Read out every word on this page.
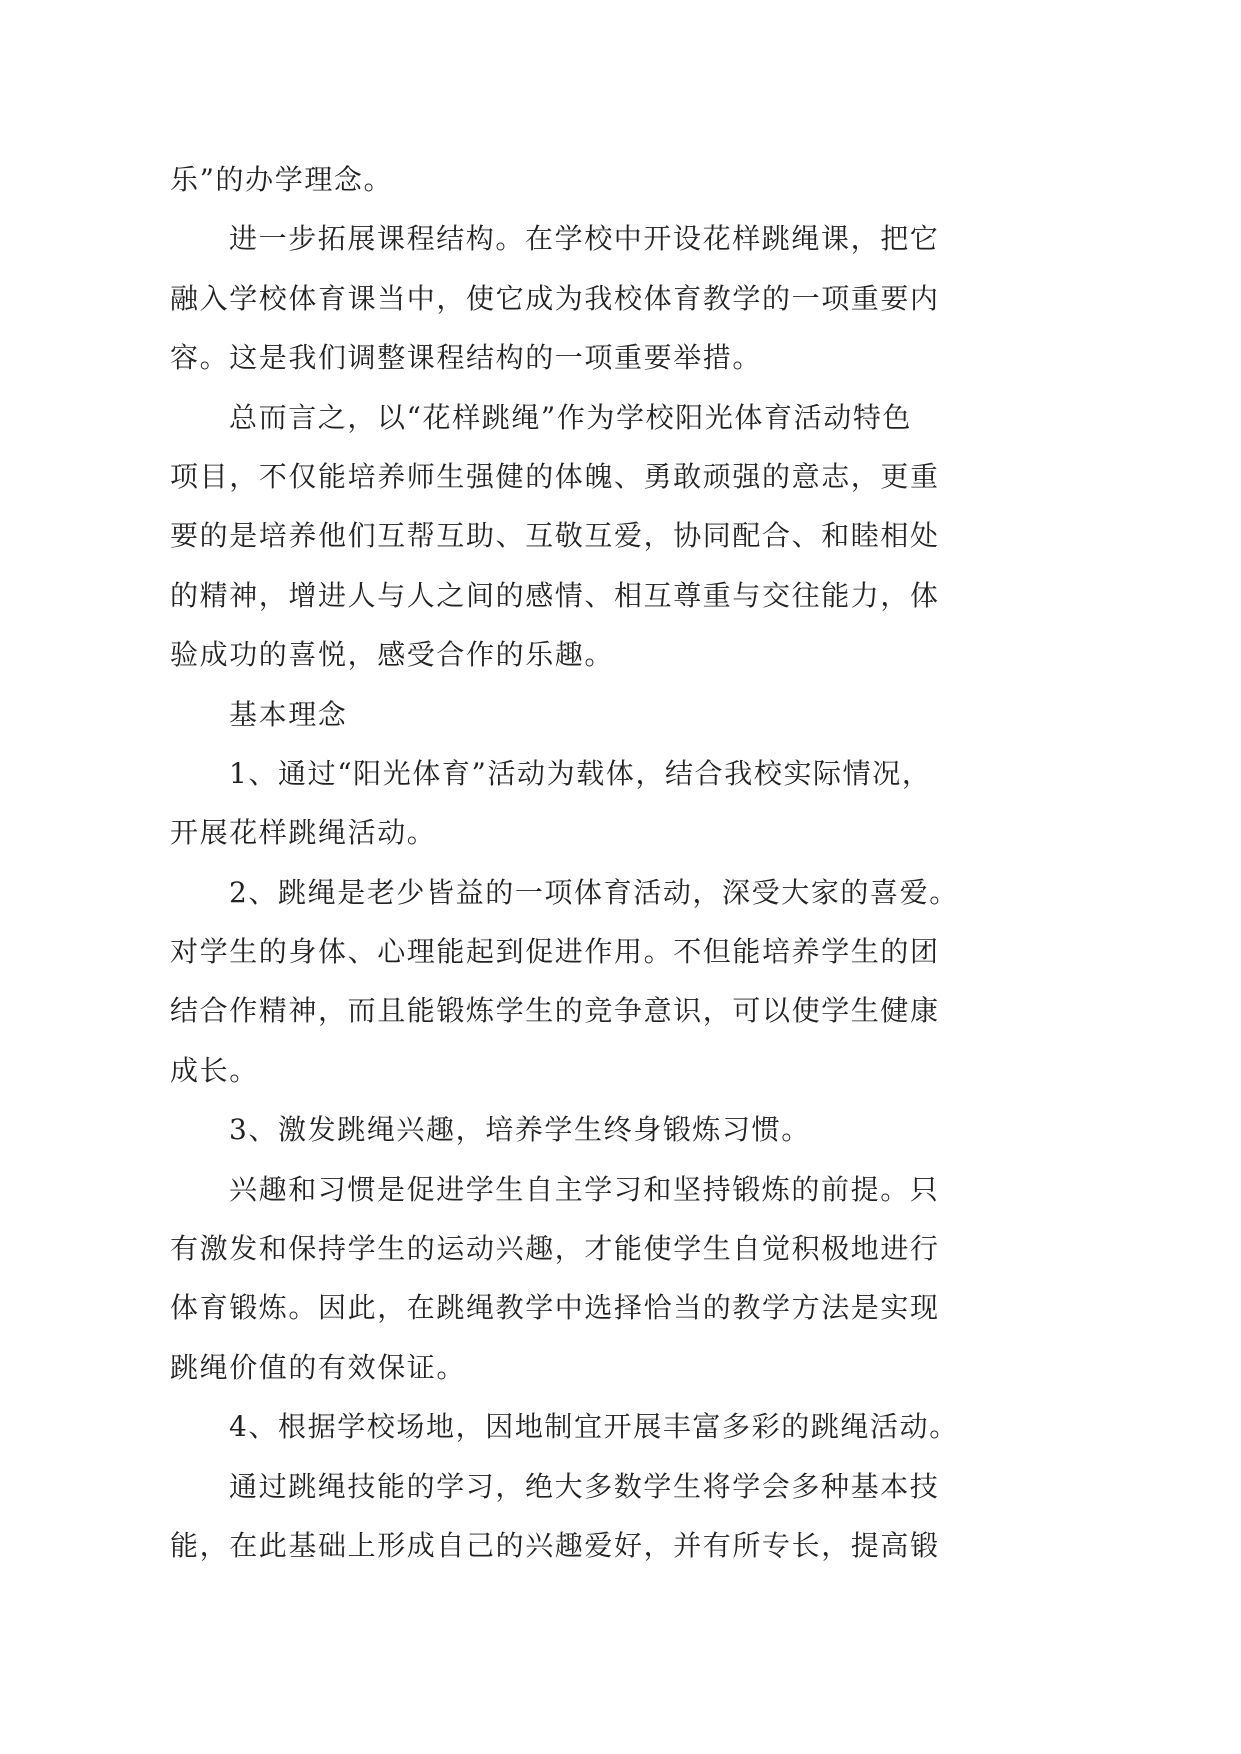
乐”的办学理念。
进一步拓展课程结构。在学校中开设花样跳绳课，把它
融入学校体育课当中，使它成为我校体育教学的一项重要内
容。这是我们调整课程结构的一项重要举措。
总而言之，以“花样跳绳”作为学校阳光体育活动特色
项目，不仅能培养师生强健的体魄、勇敢顽强的意志，更重
要的是培养他们互帮互助、互敬互爱，协同配合、和睦相处
的精神，增进人与人之间的感情、相互尊重与交往能力，体
验成功的喜悦，感受合作的乐趣。
基本理念
1、通过“阳光体育”活动为载体，结合我校实际情况，
开展花样跳绳活动。
2、跳绳是老少皆益的一项体育活动，深受大家的喜爱。
对学生的身体、心理能起到促进作用。不但能培养学生的团
结合作精神，而且能锻炼学生的竞争意识，可以使学生健康
成长。
3、激发跳绳兴趣，培养学生终身锻炼习惯。
兴趣和习惯是促进学生自主学习和坚持锻炼的前提。只
有激发和保持学生的运动兴趣，才能使学生自觉积极地进行
体育锻炼。因此，在跳绳教学中选择恰当的教学方法是实现
跳绳价值的有效保证。
4、根据学校场地，因地制宜开展丰富多彩的跳绳活动。
通过跳绳技能的学习，绝大多数学生将学会多种基本技
能，在此基础上形成自己的兴趣爱好，并有所专长，提高锻
